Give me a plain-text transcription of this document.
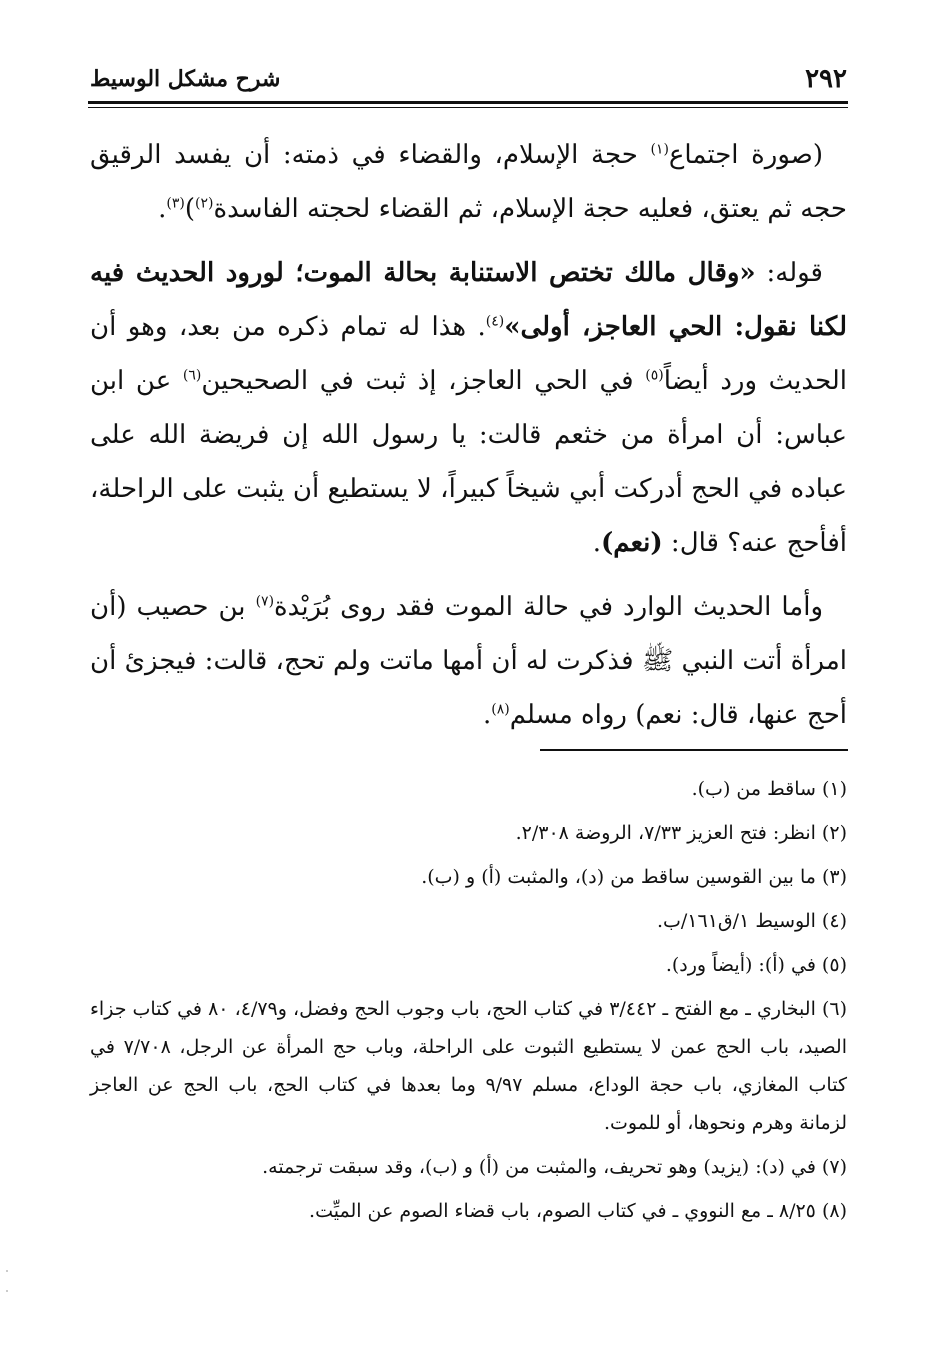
٢٩٢
شرح مشكل الوسيط

(صورة اجتماع$^{(١)}$ حجة الإسلام، والقضاء في ذمته: أن يفسد الرقيق حجه ثم يعتق، فعليه حجة الإسلام، ثم القضاء لحجته الفاسدة$^{(٢)}$)$^{(٣)}$.

قوله: «وقال مالك تختص الاستنابة بحالة الموت؛ لورود الحديث فيه لكنا نقول: الحي العاجز، أولى»$^{(٤)}$. هذا له تمام ذكره من بعد، وهو أن الحديث ورد أيضاً$^{(٥)}$ في الحي العاجز، إذ ثبت في الصحيحين$^{(٦)}$ عن ابن عباس: أن امرأة من خثعم قالت: يا رسول الله إن فريضة الله على عباده في الحج أدركت أبي شيخاً كبيراً، لا يستطيع أن يثبت على الراحلة، أفأحج عنه؟ قال: (نعم).

وأما الحديث الوارد في حالة الموت فقد روى بُرَيْدة$^{(٧)}$ بن حصيب (أن امرأة أتت النبي ﷺ فذكرت له أن أمها ماتت ولم تحج، قالت: فيجزئ أن أحج عنها، قال: نعم) رواه مسلم$^{(٨)}$.

(١) ساقط من (ب).
(٢) انظر: فتح العزيز ٧/٣٣، الروضة ٢/٣٠٨.
(٣) ما بين القوسين ساقط من (د)، والمثبت (أ) و (ب).
(٤) الوسيط ١/ق١٦١/ب.
(٥) في (أ): (أيضاً ورد).
(٦) البخاري ـ مع الفتح ـ ٣/٤٤٢ في كتاب الحج، باب وجوب الحج وفضل، و٤/٧٩، ٨٠ في كتاب جزاء الصيد، باب الحج عمن لا يستطيع الثبوت على الراحلة، وباب حج المرأة عن الرجل، ٧/٧٠٨ في كتاب المغازي، باب حجة الوداع، مسلم ٩/٩٧ وما بعدها في كتاب الحج، باب الحج عن العاجز لزمانة وهرم ونحوها، أو للموت.
(٧) في (د): (يزيد) وهو تحريف، والمثبت من (أ) و (ب)، وقد سبقت ترجمته.
(٨) ٨/٢٥ ـ مع النووي ـ في كتاب الصوم، باب قضاء الصوم عن الميِّت.
